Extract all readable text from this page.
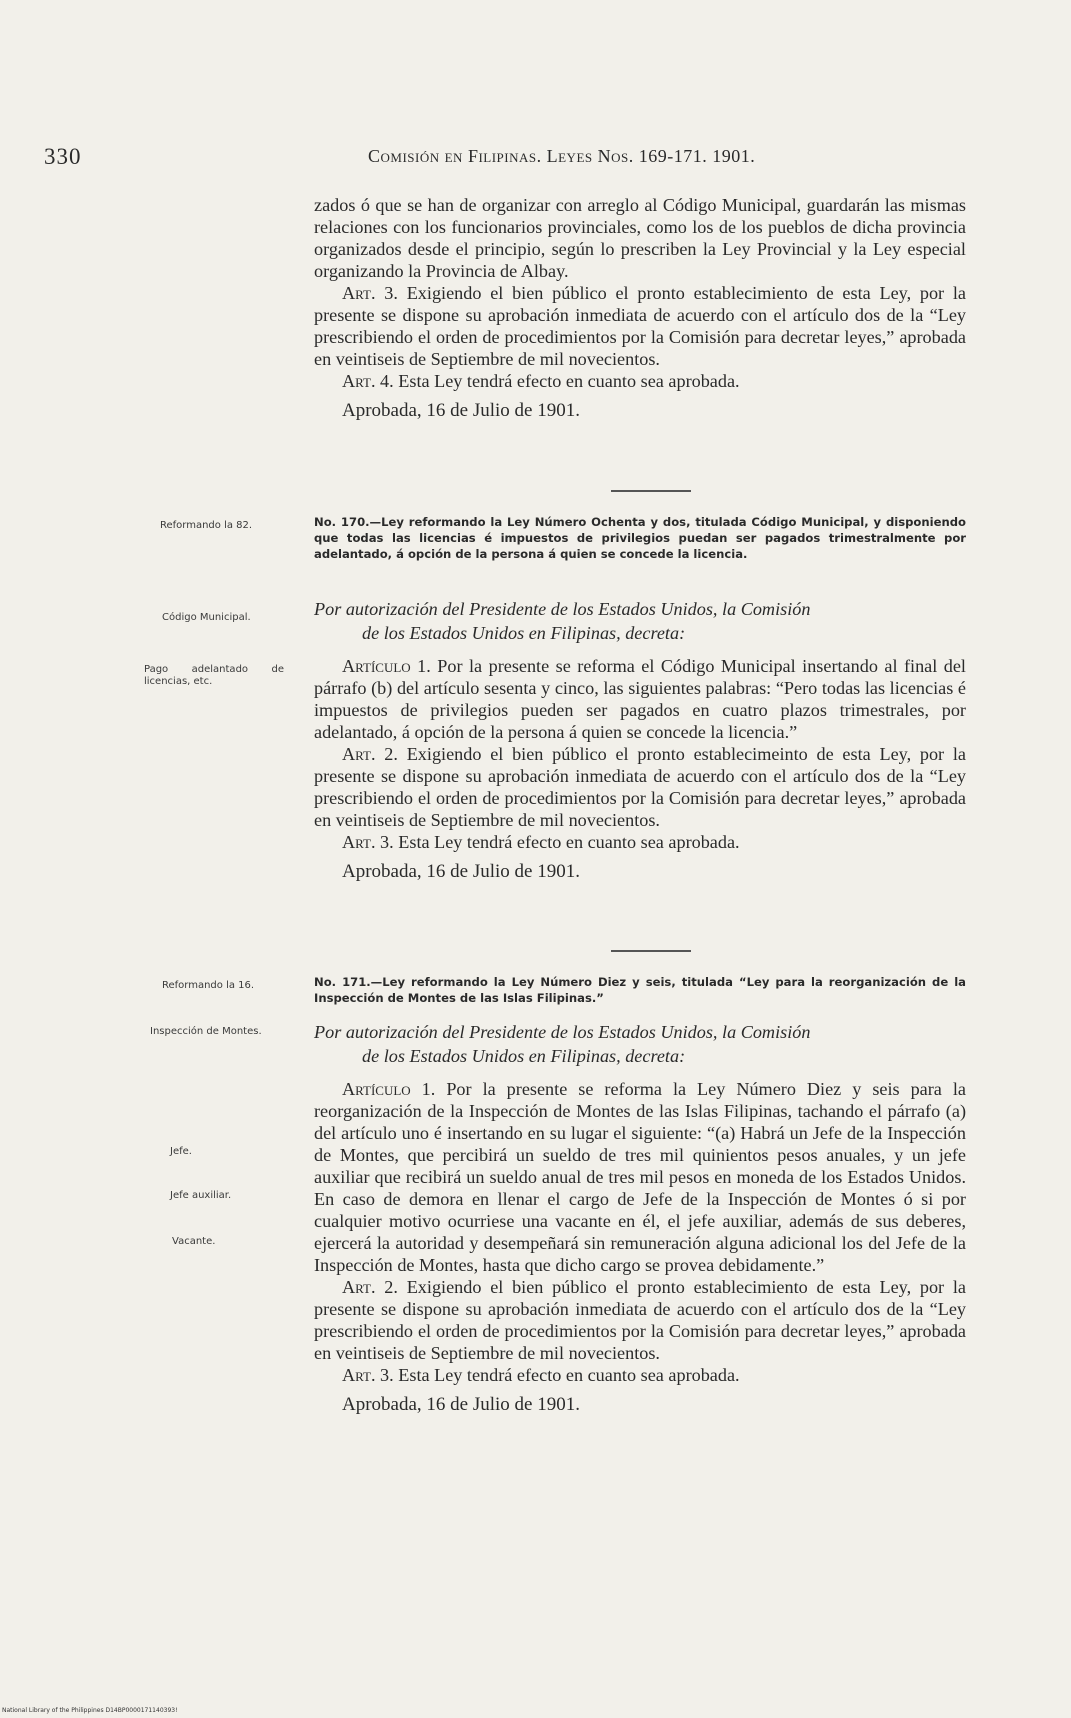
330	Comisión en Filipinas. Leyes Nos. 169-171. 1901.

zados ó que se han de organizar con arreglo al Código Municipal, guardarán las mismas relaciones con los funcionarios provinciales, como los de los pueblos de dicha provincia organizados desde el principio, según lo prescriben la Ley Provincial y la Ley especial organizando la Provincia de Albay.

Art. 3. Exigiendo el bien público el pronto establecimiento de esta Ley, por la presente se dispone su aprobación inmediata de acuerdo con el artículo dos de la “Ley prescribiendo el orden de procedimientos por la Comisión para decretar leyes,” aprobada en veintiseis de Septiembre de mil novecientos.

Art. 4. Esta Ley tendrá efecto en cuanto sea aprobada.

Aprobada, 16 de Julio de 1901.

Reformando la 82.	No. 170.—Ley reformando la Ley Número Ochenta y dos, titulada Código Municipal, y disponiendo que todas las licencias é impuestos de privilegios puedan ser pagados trimestralmente por adelantado, á opción de la persona á quien se concede la licencia.
Código Municipal.	Por autorización del Presidente de los Estados Unidos, la Comisión
de los Estados Unidos en Filipinas, decreta:
Pago adelantado de licencias, etc.

Artículo 1. Por la presente se reforma el Código Municipal insertando al final del párrafo (b) del artículo sesenta y cinco, las siguientes palabras: “Pero todas las licencias é impuestos de privilegios pueden ser pagados en cuatro plazos trimestrales, por adelantado, á opción de la persona á quien se concede la licencia.”

Art. 2. Exigiendo el bien público el pronto establecimeinto de esta Ley, por la presente se dispone su aprobación inmediata de acuerdo con el artículo dos de la “Ley prescribiendo el orden de procedimientos por la Comisión para decretar leyes,” aprobada en veintiseis de Septiembre de mil novecientos.

Art. 3. Esta Ley tendrá efecto en cuanto sea aprobada.

Aprobada, 16 de Julio de 1901.

Reformando la 16.	No. 171.—Ley reformando la Ley Número Diez y seis, titulada “Ley para la reorganización de la Inspección de Montes de las Islas Filipinas.”
Inspección de Montes.	Por autorización del Presidente de los Estados Unidos, la Comisión
de los Estados Unidos en Filipinas, decreta:
Jefe.
Jefe auxiliar.
Vacante.

Artículo 1. Por la presente se reforma la Ley Número Diez y seis para la reorganización de la Inspección de Montes de las Islas Filipinas, tachando el párrafo (a) del artículo uno é insertando en su lugar el siguiente: “(a) Habrá un Jefe de la Inspección de Montes, que percibirá un sueldo de tres mil quinientos pesos anuales, y un jefe auxiliar que recibirá un sueldo anual de tres mil pesos en moneda de los Estados Unidos. En caso de demora en llenar el cargo de Jefe de la Inspección de Montes ó si por cualquier motivo ocurriese una vacante en él, el jefe auxiliar, además de sus deberes, ejercerá la autoridad y desempeñará sin remuneración alguna adicional los del Jefe de la Inspección de Montes, hasta que dicho cargo se provea debidamente.”

Art. 2. Exigiendo el bien público el pronto establecimiento de esta Ley, por la presente se dispone su aprobación inmediata de acuerdo con el artículo dos de la “Ley prescribiendo el orden de procedimientos por la Comisión para decretar leyes,” aprobada en veintiseis de Septiembre de mil novecientos.

Art. 3. Esta Ley tendrá efecto en cuanto sea aprobada.

Aprobada, 16 de Julio de 1901.

National Library of the Philippines D14BP0000171140393!
